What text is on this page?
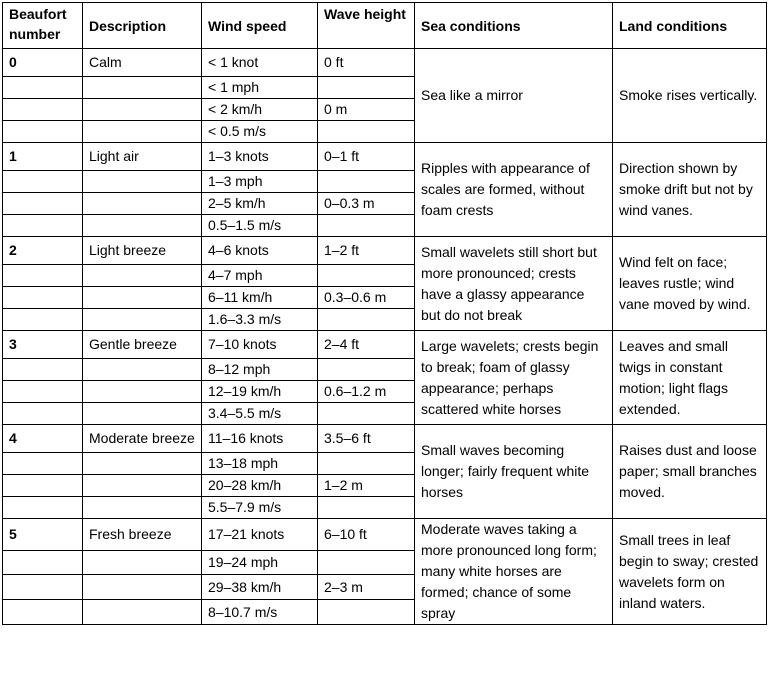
Beaufort number	Description	Wind speed	Wave height	Sea conditions	Land conditions
0	Calm	< 1 knot	0 ft	Sea like a mirror	Smoke rises vertically.
		< 1 mph			
		< 2 km/h	0 m		
		< 0.5 m/s			
1	Light air	1–3 knots	0–1 ft	Ripples with appearance of scales are formed, without foam crests	Direction shown by smoke drift but not by wind vanes.
		1–3 mph			
		2–5 km/h	0–0.3 m		
		0.5–1.5 m/s			
2	Light breeze	4–6 knots	1–2 ft	Small wavelets still short but more pronounced; crests have a glassy appearance but do not break	Wind felt on face; leaves rustle; wind vane moved by wind.
		4–7 mph			
		6–11 km/h	0.3–0.6 m		
		1.6–3.3 m/s			
3	Gentle breeze	7–10 knots	2–4 ft	Large wavelets; crests begin to break; foam of glassy appearance; perhaps scattered white horses	Leaves and small twigs in constant motion; light flags extended.
		8–12 mph			
		12–19 km/h	0.6–1.2 m		
		3.4–5.5 m/s			
4	Moderate breeze	11–16 knots	3.5–6 ft	Small waves becoming longer; fairly frequent white horses	Raises dust and loose paper; small branches moved.
		13–18 mph			
		20–28 km/h	1–2 m		
		5.5–7.9 m/s			
5	Fresh breeze	17–21 knots	6–10 ft	Moderate waves taking a more pronounced long form; many white horses are formed; chance of some spray	Small trees in leaf begin to sway; crested wavelets form on inland waters.
		19–24 mph			
		29–38 km/h	2–3 m		
		8–10.7 m/s			
